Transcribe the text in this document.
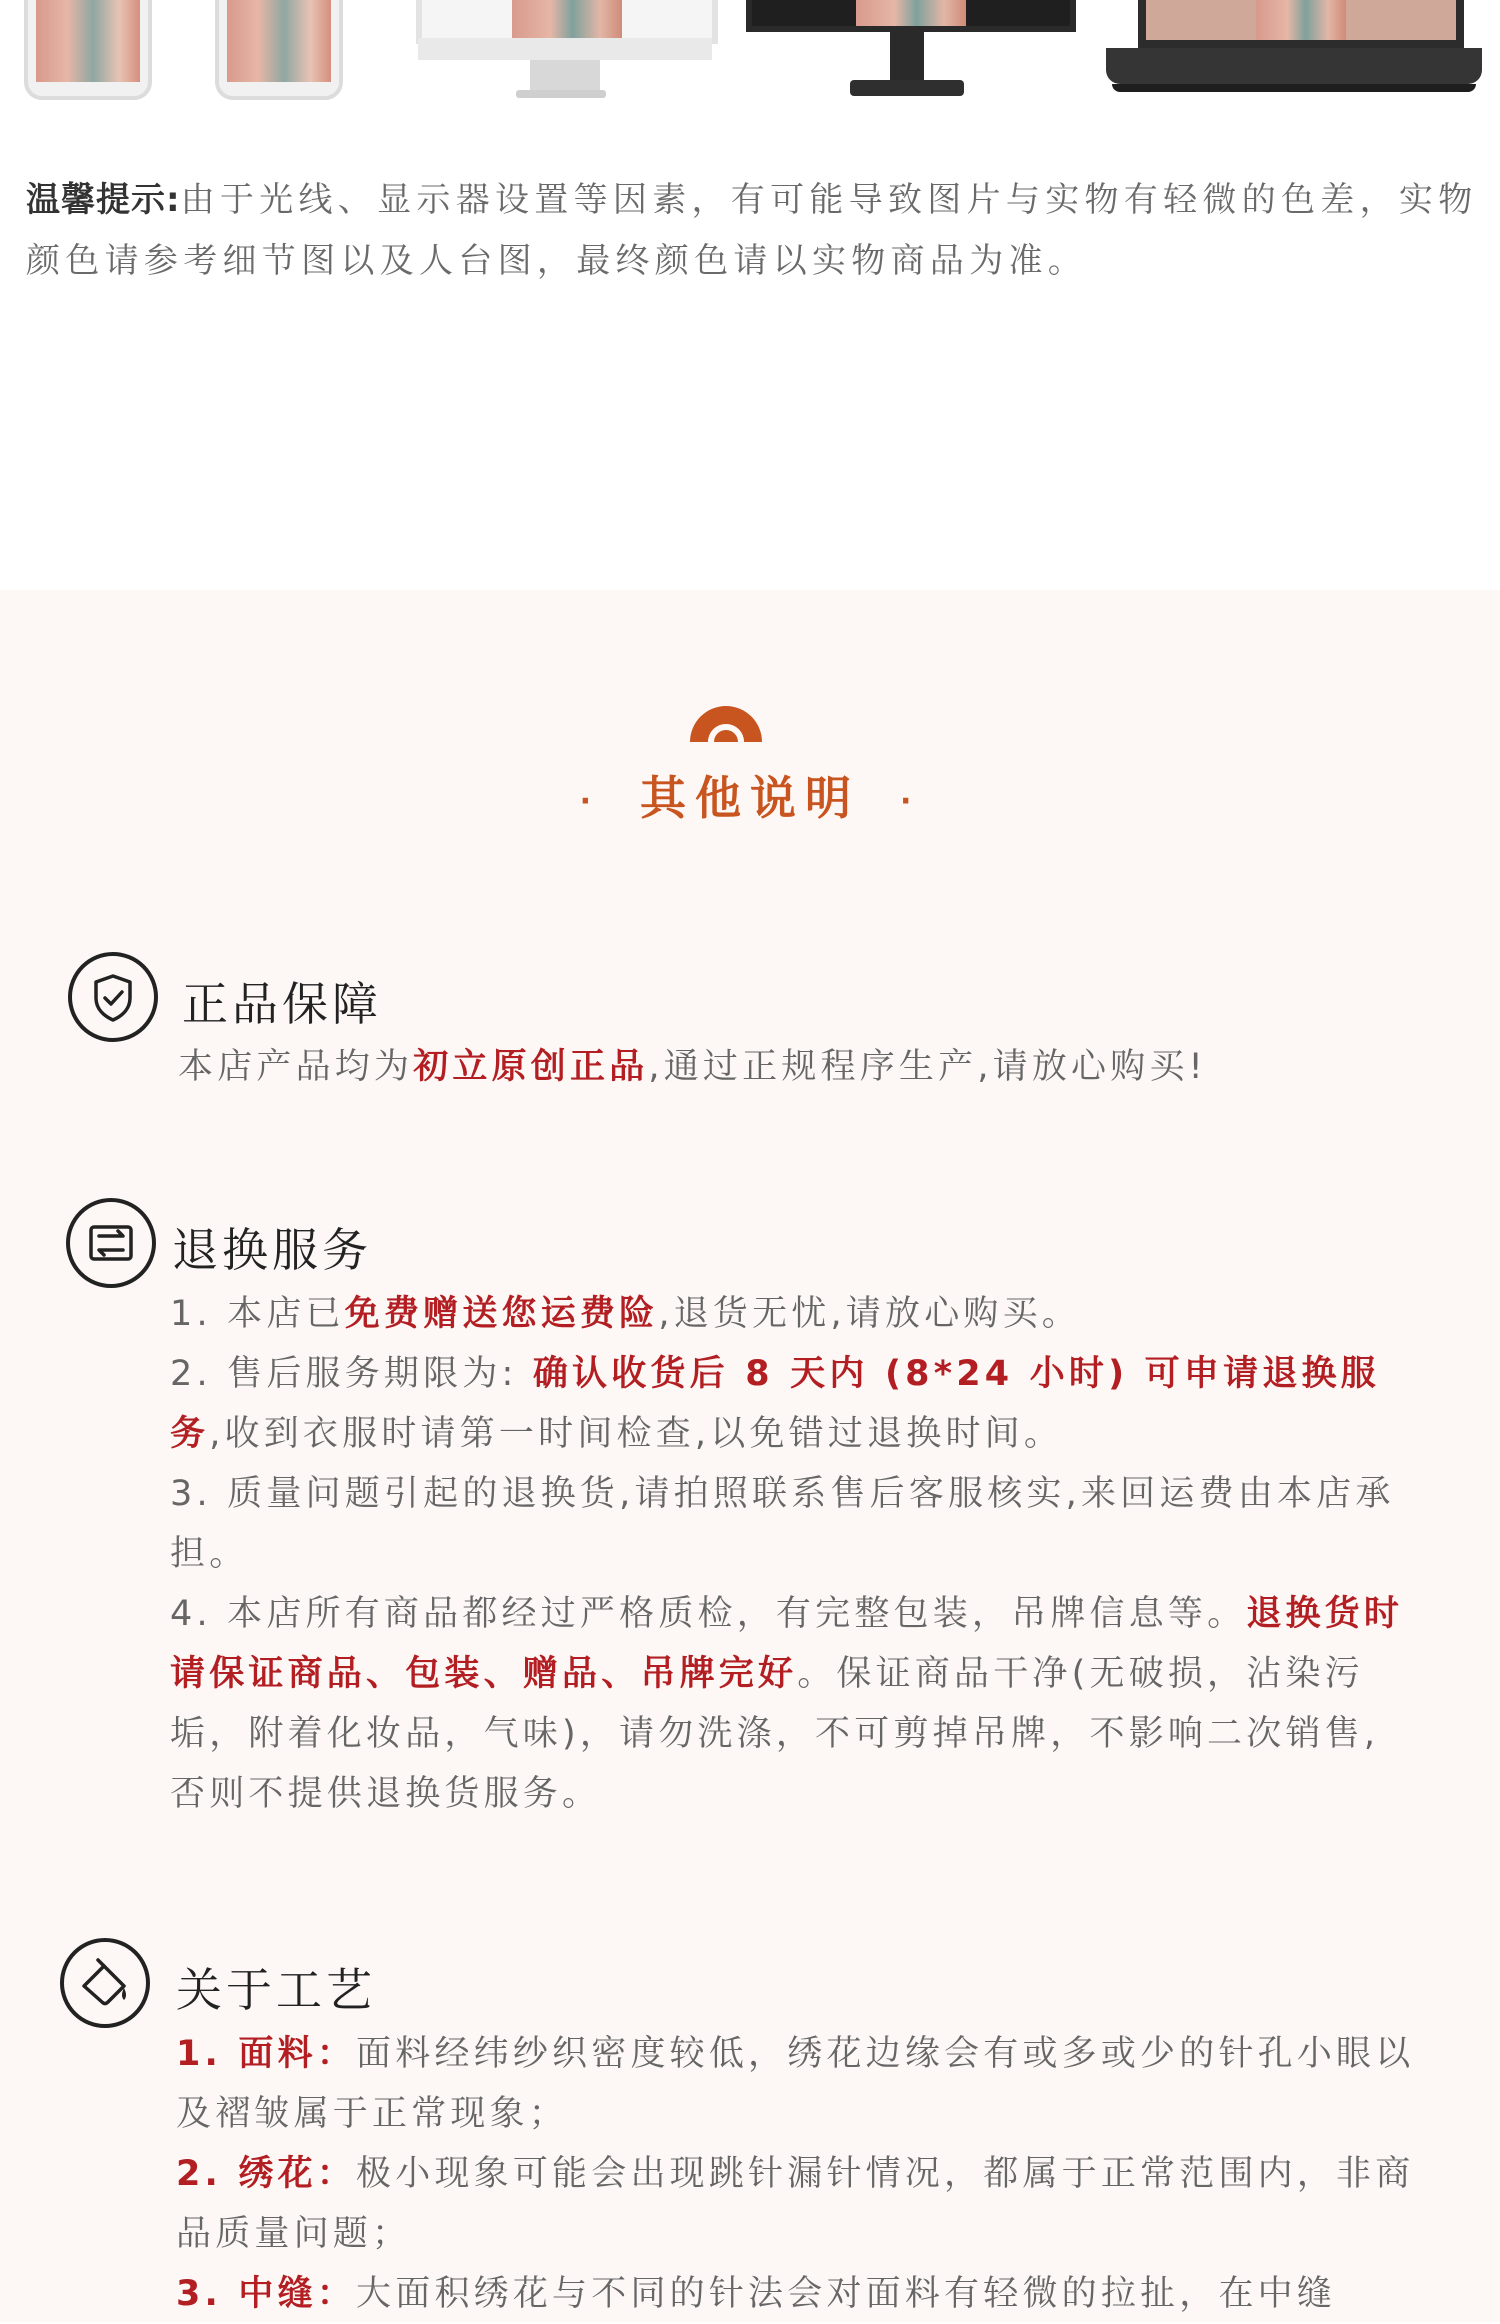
温馨提示:由于光线、显示器设置等因素，有可能导致图片与实物有轻微的色差，实物颜色请参考细节图以及人台图，最终颜色请以实物商品为准。
· 其他说明 ·
正品保障
本店产品均为初立原创正品,通过正规程序生产,请放心购买!
退换服务
1. 本店已免费赠送您运费险,退货无忧,请放心购买。
2. 售后服务期限为: 确认收货后 8 天内 (8*24 小时) 可申请退换服务,收到衣服时请第一时间检查,以免错过退换时间。
3. 质量问题引起的退换货,请拍照联系售后客服核实,来回运费由本店承担。
4. 本店所有商品都经过严格质检，有完整包装，吊牌信息等。退换货时请保证商品、包装、赠品、吊牌完好。保证商品干净(无破损，沾染污垢，附着化妆品，气味)，请勿洗涤，不可剪掉吊牌，不影响二次销售,否则不提供退换货服务。
关于工艺
1. 面料：面料经纬纱织密度较低，绣花边缘会有或多或少的针孔小眼以及褶皱属于正常现象；
2. 绣花：极小现象可能会出现跳针漏针情况，都属于正常范围内，非商品质量问题；
3. 中缝：大面积绣花与不同的针法会对面料有轻微的拉扯，在中缝
